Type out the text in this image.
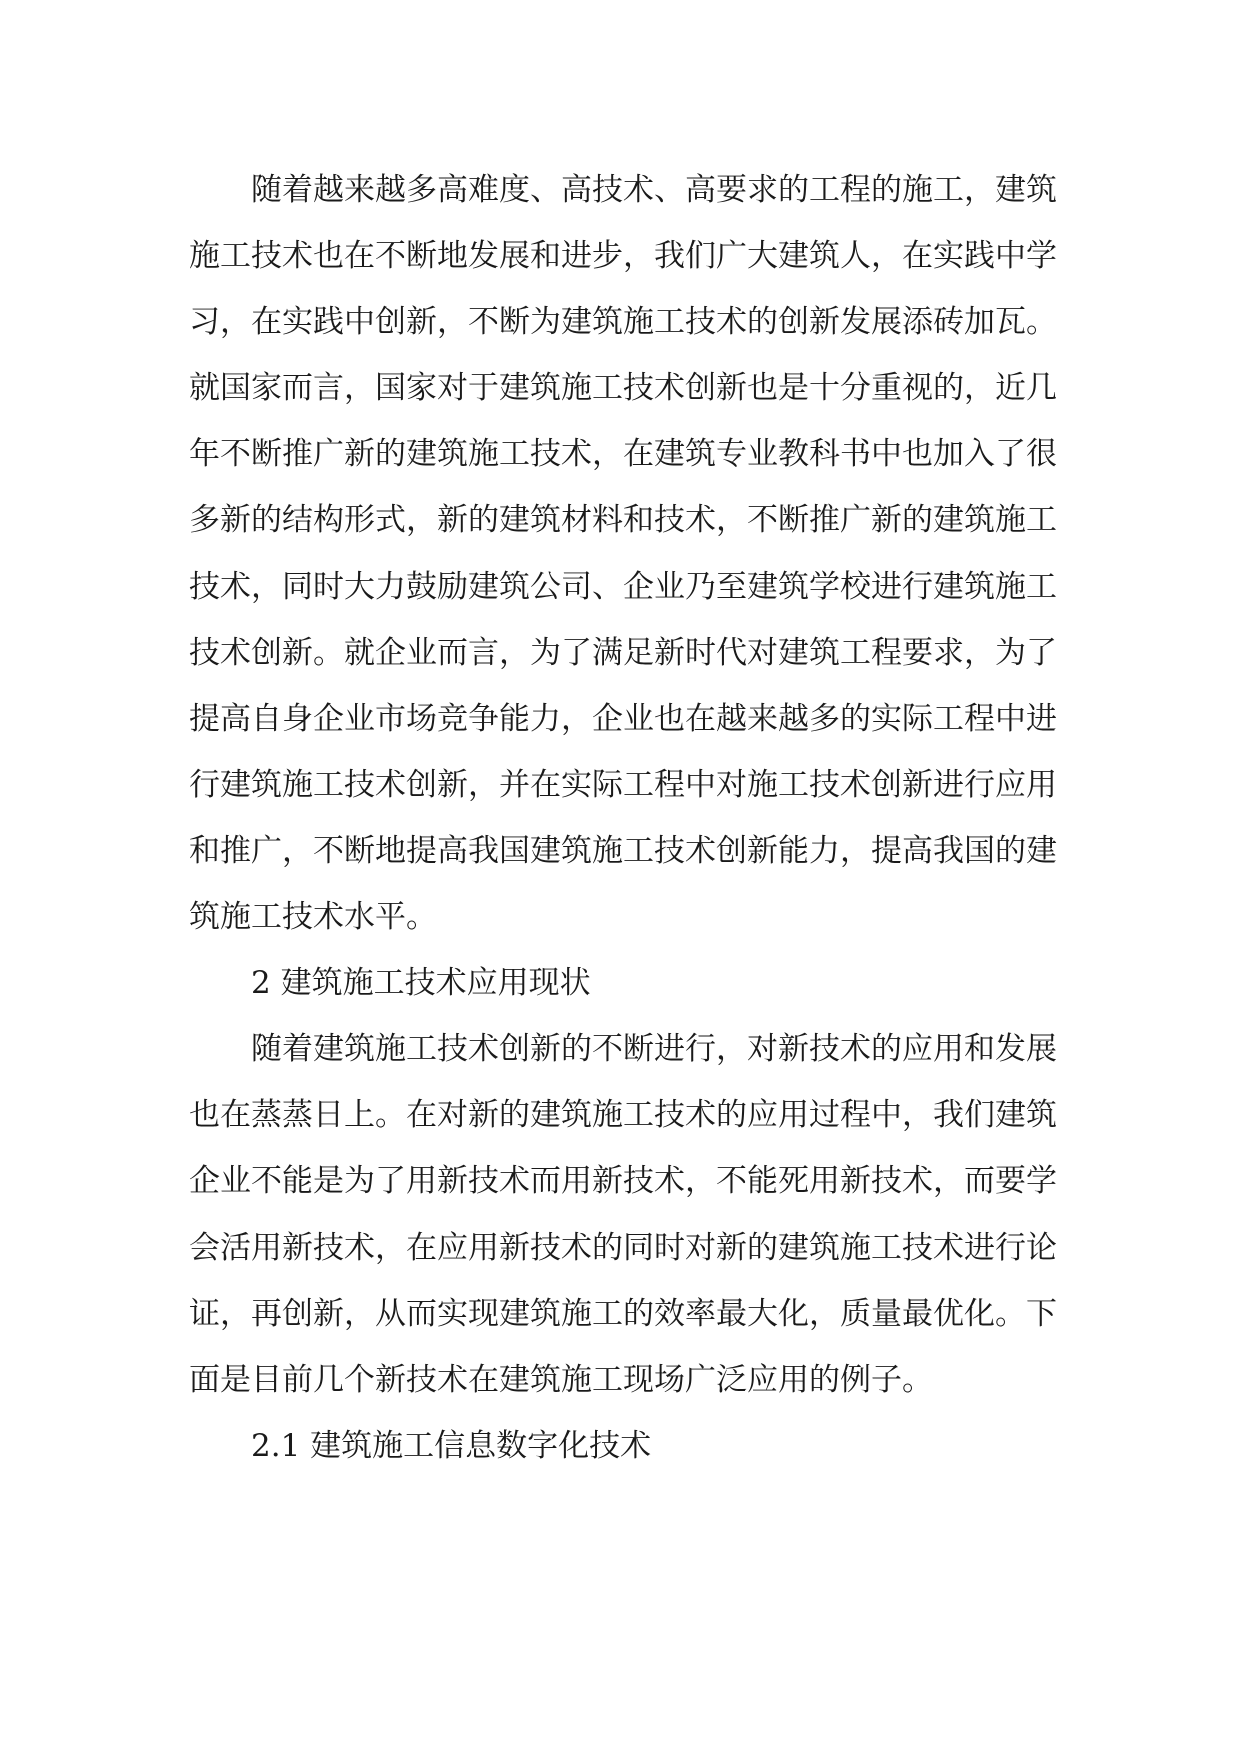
随着越来越多高难度、高技术、高要求的工程的施工，建筑施工技术也在不断地发展和进步，我们广大建筑人，在实践中学习，在实践中创新，不断为建筑施工技术的创新发展添砖加瓦。就国家而言，国家对于建筑施工技术创新也是十分重视的，近几年不断推广新的建筑施工技术，在建筑专业教科书中也加入了很多新的结构形式，新的建筑材料和技术，不断推广新的建筑施工技术，同时大力鼓励建筑公司、企业乃至建筑学校进行建筑施工技术创新。就企业而言，为了满足新时代对建筑工程要求，为了提高自身企业市场竞争能力，企业也在越来越多的实际工程中进行建筑施工技术创新，并在实际工程中对施工技术创新进行应用和推广，不断地提高我国建筑施工技术创新能力，提高我国的建筑施工技术水平。

2 建筑施工技术应用现状

随着建筑施工技术创新的不断进行，对新技术的应用和发展也在蒸蒸日上。在对新的建筑施工技术的应用过程中，我们建筑企业不能是为了用新技术而用新技术，不能死用新技术，而要学会活用新技术，在应用新技术的同时对新的建筑施工技术进行论证，再创新，从而实现建筑施工的效率最大化，质量最优化。下面是目前几个新技术在建筑施工现场广泛应用的例子。

2.1 建筑施工信息数字化技术
